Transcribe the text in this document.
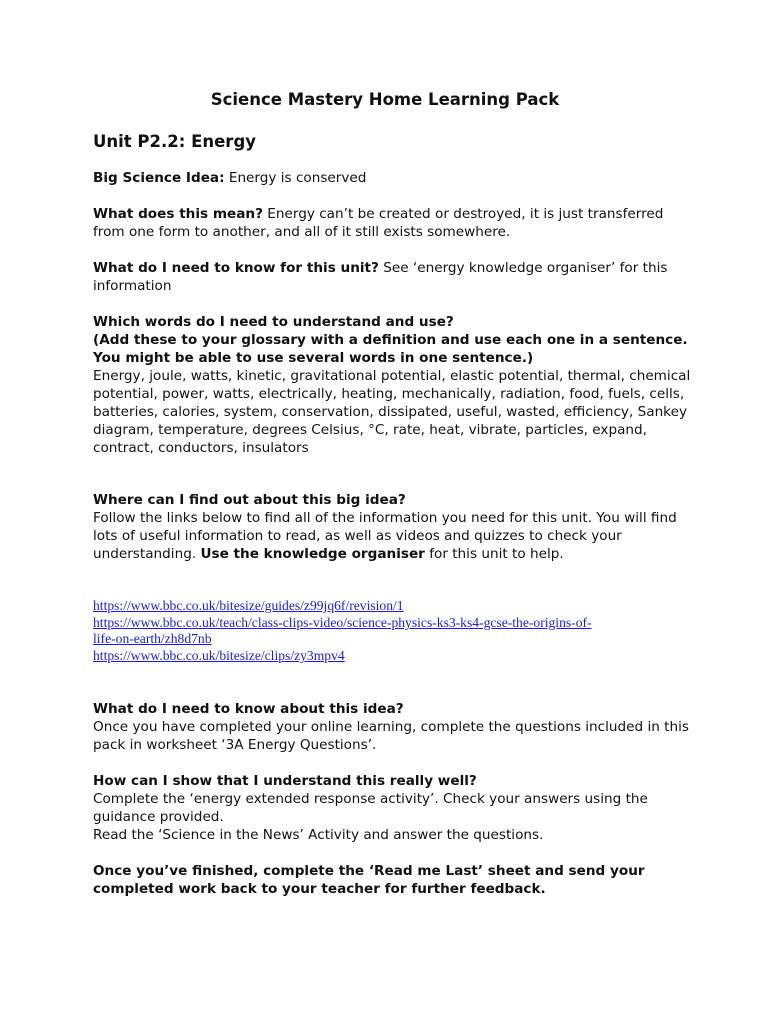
Science Mastery Home Learning Pack
Unit P2.2: Energy
Big Science Idea: Energy is conserved
What does this mean? Energy can’t be created or destroyed, it is just transferred from one form to another, and all of it still exists somewhere.
What do I need to know for this unit? See ‘energy knowledge organiser’ for this information
Which words do I need to understand and use?
(Add these to your glossary with a definition and use each one in a sentence.
You might be able to use several words in one sentence.)
Energy, joule, watts, kinetic, gravitational potential, elastic potential, thermal, chemical potential, power, watts, electrically, heating, mechanically, radiation, food, fuels, cells, batteries, calories, system, conservation, dissipated, useful, wasted, efficiency, Sankey diagram, temperature, degrees Celsius, °C, rate, heat, vibrate, particles, expand, contract, conductors, insulators
Where can I find out about this big idea?
Follow the links below to find all of the information you need for this unit. You will find lots of useful information to read, as well as videos and quizzes to check your understanding. Use the knowledge organiser for this unit to help.
https://www.bbc.co.uk/bitesize/guides/z99jq6f/revision/1
https://www.bbc.co.uk/teach/class-clips-video/science-physics-ks3-ks4-gcse-the-origins-of-
life-on-earth/zh8d7nb
https://www.bbc.co.uk/bitesize/clips/zy3mpv4
What do I need to know about this idea?
Once you have completed your online learning, complete the questions included in this pack in worksheet ‘3A Energy Questions’.
How can I show that I understand this really well?
Complete the ‘energy extended response activity’. Check your answers using the guidance provided.
Read the ‘Science in the News’ Activity and answer the questions.
Once you’ve finished, complete the ‘Read me Last’ sheet and send your completed work back to your teacher for further feedback.
